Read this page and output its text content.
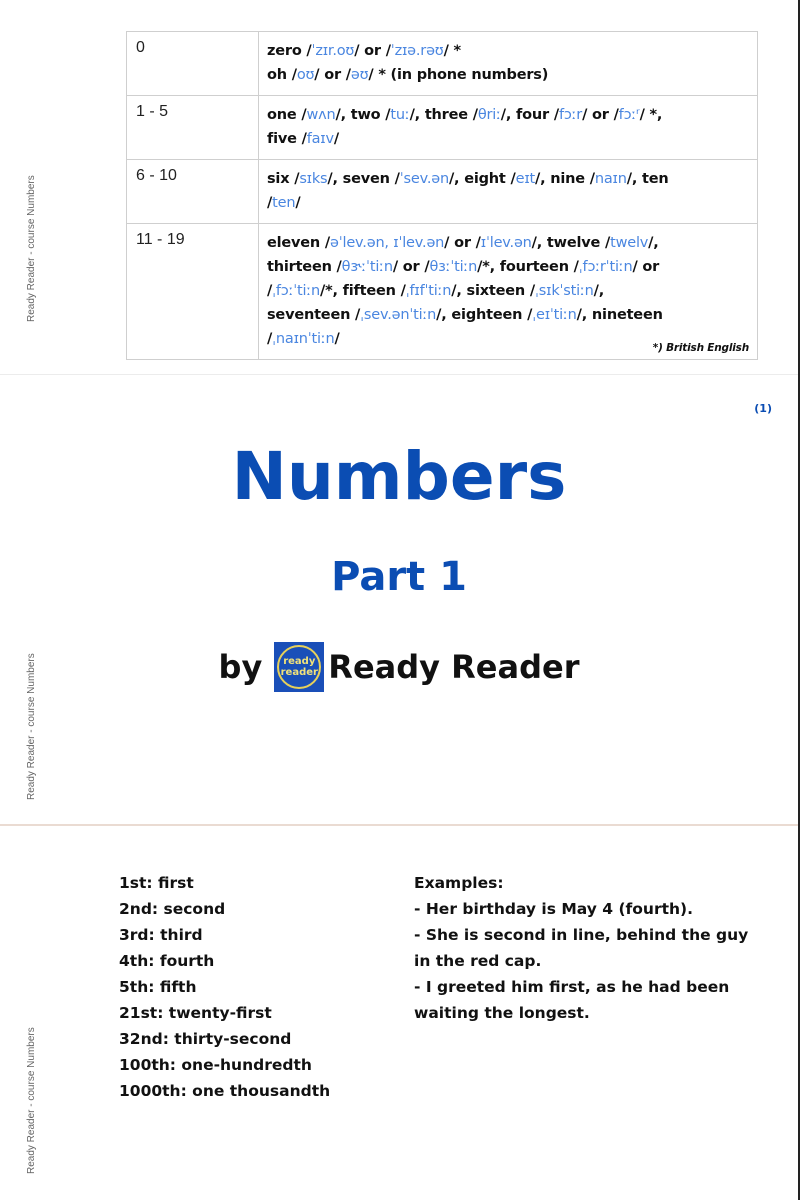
Ready Reader - course Numbers
0	zero /ˈzɪr.oʊ/ or /ˈzɪə.rəʊ/ *
oh /oʊ/ or /əʊ/ * (in phone numbers)

1 - 5	one /wʌn/, two /tuː/, three /θriː/, four /fɔːr/ or /fɔːʳ/ *,
five /faɪv/

6 - 10	six /sɪks/, seven /ˈsev.ən/, eight /eɪt/, nine /naɪn/, ten
/ten/

11 - 19	eleven /əˈlev.ən, ɪˈlev.ən/ or /ɪˈlev.ən/, twelve /twelv/,
thirteen /θɝːˈtiːn/ or /θɜːˈtiːn/*, fourteen /ˌfɔːrˈtiːn/ or
/ˌfɔːˈtiːn/*, fifteen /ˌfɪfˈtiːn/, sixteen /ˌsɪkˈstiːn/,
seventeen /ˌsev.ənˈtiːn/, eighteen /ˌeɪˈtiːn/, nineteen
/ˌnaɪnˈtiːn/
*) British English
Ready Reader - course Numbers
(1)
Numbers
Part 1
by ready
reader Ready Reader
Ready Reader - course Numbers
1st: first
2nd: second
3rd: third
4th: fourth
5th: fifth
21st: twenty-first
32nd: thirty-second
100th: one-hundredth
1000th: one thousandth

Examples:

- Her birthday is May 4 (fourth).

- She is second in line, behind the guy in the red cap.

- I greeted him first, as he had been waiting the longest.
